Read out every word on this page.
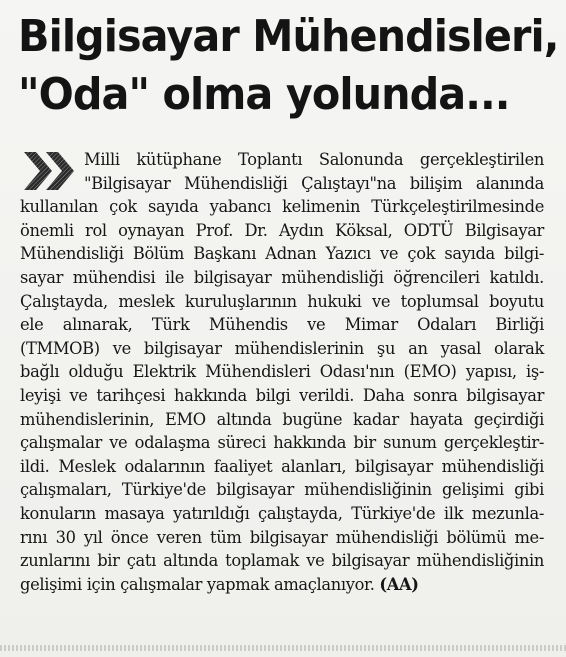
Bilgisayar Mühendisleri,
"Oda" olma yolunda...
Milli kütüphane Toplantı Salonunda gerçekleştirilen
"Bilgisayar Mühendisliği Çalıştayı"na bilişim alanında
kullanılan çok sayıda yabancı kelimenin Türkçeleştirilmesinde
önemli rol oynayan Prof. Dr. Aydın Köksal, ODTÜ Bilgisayar
Mühendisliği Bölüm Başkanı Adnan Yazıcı ve çok sayıda bilgi-
sayar mühendisi ile bilgisayar mühendisliği öğrencileri katıldı.
Çalıştayda, meslek kuruluşlarının hukuki ve toplumsal boyutu
ele alınarak, Türk Mühendis ve Mimar Odaları Birliği
(TMMOB) ve bilgisayar mühendislerinin şu an yasal olarak
bağlı olduğu Elektrik Mühendisleri Odası'nın (EMO) yapısı, iş-
leyişi ve tarihçesi hakkında bilgi verildi. Daha sonra bilgisayar
mühendislerinin, EMO altında bugüne kadar hayata geçirdiği
çalışmalar ve odalaşma süreci hakkında bir sunum gerçekleştir-
ildi. Meslek odalarının faaliyet alanları, bilgisayar mühendisliği
çalışmaları, Türkiye'de bilgisayar mühendisliğinin gelişimi gibi
konuların masaya yatırıldığı çalıştayda, Türkiye'de ilk mezunla-
rını 30 yıl önce veren tüm bilgisayar mühendisliği bölümü me-
zunlarını bir çatı altında toplamak ve bilgisayar mühendisliğinin
gelişimi için çalışmalar yapmak amaçlanıyor. (AA)
